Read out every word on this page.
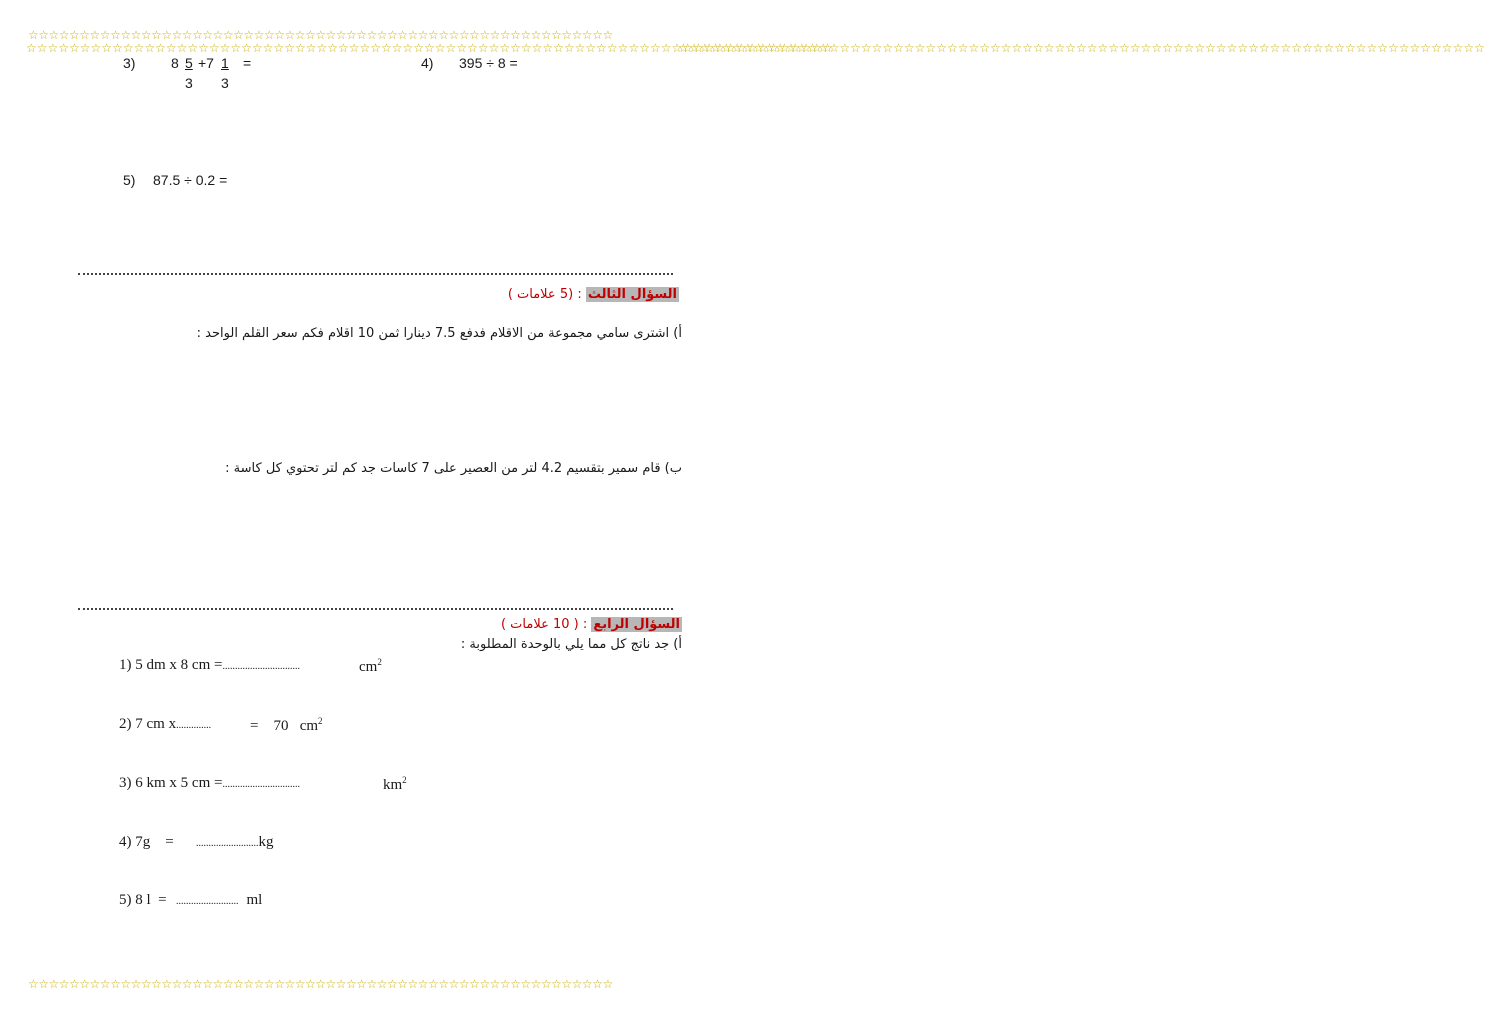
☆☆☆☆☆☆☆☆☆☆☆☆☆☆☆☆☆☆☆☆☆☆☆☆☆☆☆☆☆☆☆☆☆☆☆☆☆☆☆☆☆☆☆☆☆☆☆☆☆☆☆☆☆☆☆☆☆
☆☆☆☆☆☆☆☆☆☆☆☆☆☆☆☆☆☆☆☆☆☆☆☆☆☆☆☆☆☆☆☆☆☆☆☆☆☆☆☆☆☆☆☆☆☆☆☆☆☆☆☆☆☆☆☆☆
☆☆☆☆☆☆☆☆☆☆☆☆☆☆☆☆☆☆☆☆☆☆☆☆☆☆☆☆☆☆☆☆☆☆☆☆☆☆☆☆☆☆☆☆☆☆☆☆☆☆☆☆☆☆☆☆☆☆☆☆☆☆☆☆☆☆☆☆☆☆☆☆☆☆☆
☆☆☆☆☆☆☆☆☆☆☆☆☆☆☆☆☆☆☆☆☆☆☆☆☆☆☆☆☆☆☆☆☆☆☆☆☆☆☆☆☆☆☆☆☆☆☆☆☆☆☆☆☆☆☆☆☆☆☆☆☆☆☆☆☆☆☆☆☆☆☆☆☆☆☆
3)	8 5
3
+7 1
3
=	4) 395 ÷ 8 =
5) 87.5 ÷ 0.2 =
السؤال الثالث : (5 علامات )
أ) اشترى سامي مجموعة من الاقلام فدفع 7.5 دينارا ثمن 10 اقلام فكم سعر القلم الواحد :
ب) قام سمير بتقسيم 4.2 لتر من العصير على 7 كاسات جد كم لتر تحتوي كل كاسة :
السؤال الرابع : ( 10 علامات )
أ) جد ناتج كل مما يلي بالوحدة المطلوبة :
1) 5 dm x 8 cm =...............................	$cm^2$
2) 7 cm x..............	=    70   $cm^2$
3) 6 km x 5 cm =...............................	$km^2$
4) 7g    = .........................kg
5) 8 l  = ......................... ml
